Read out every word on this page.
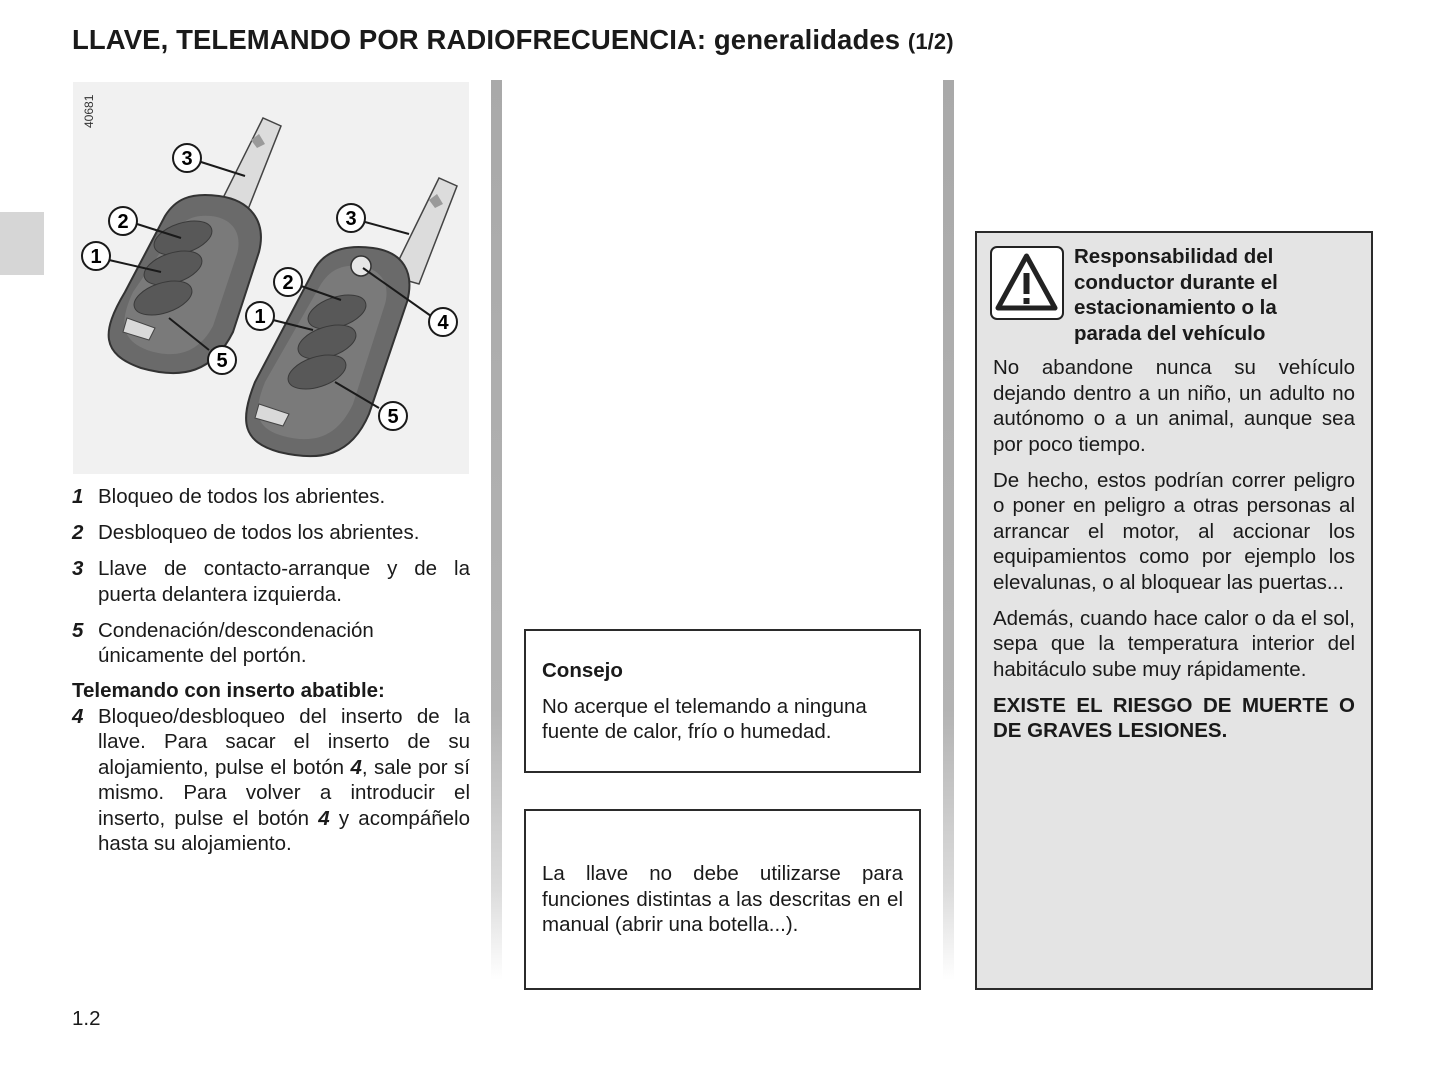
LLAVE, TELEMANDO POR RADIOFRECUENCIA: generalidades (1/2)
40681
3
2
1
5
3
2
1	4
5
1 Bloqueo de todos los abrientes.
2 Desbloqueo de todos los abrientes.
3 Llave de contacto-arranque y de la puerta delantera izquierda.
5 Condenación/descondenación únicamente del portón.
Telemando con inserto abatible:
4 Bloqueo/desbloqueo del inserto de la llave. Para sacar el inserto de su alojamiento, pulse el botón 4, sale por sí mismo. Para volver a introducir el inserto, pulse el botón 4 y acompáñelo hasta su alojamiento.
Consejo
No acerque el telemando a ninguna fuente de calor, frío o humedad.
La llave no debe utilizarse para funciones distintas a las descritas en el manual (abrir una botella...).
Responsabilidad del conductor durante el estacionamiento o la parada del vehículo

No abandone nunca su vehículo dejando dentro a un niño, un adulto no autónomo o a un animal, aunque sea por poco tiempo.

De hecho, estos podrían correr peligro o poner en peligro a otras personas al arrancar el motor, al accionar los equipamientos como por ejemplo los elevalunas, o al bloquear las puertas...

Además, cuando hace calor o da el sol, sepa que la temperatura interior del habitáculo sube muy rápidamente.

EXISTE EL RIESGO DE MUERTE O DE GRAVES LESIONES.
1.2
